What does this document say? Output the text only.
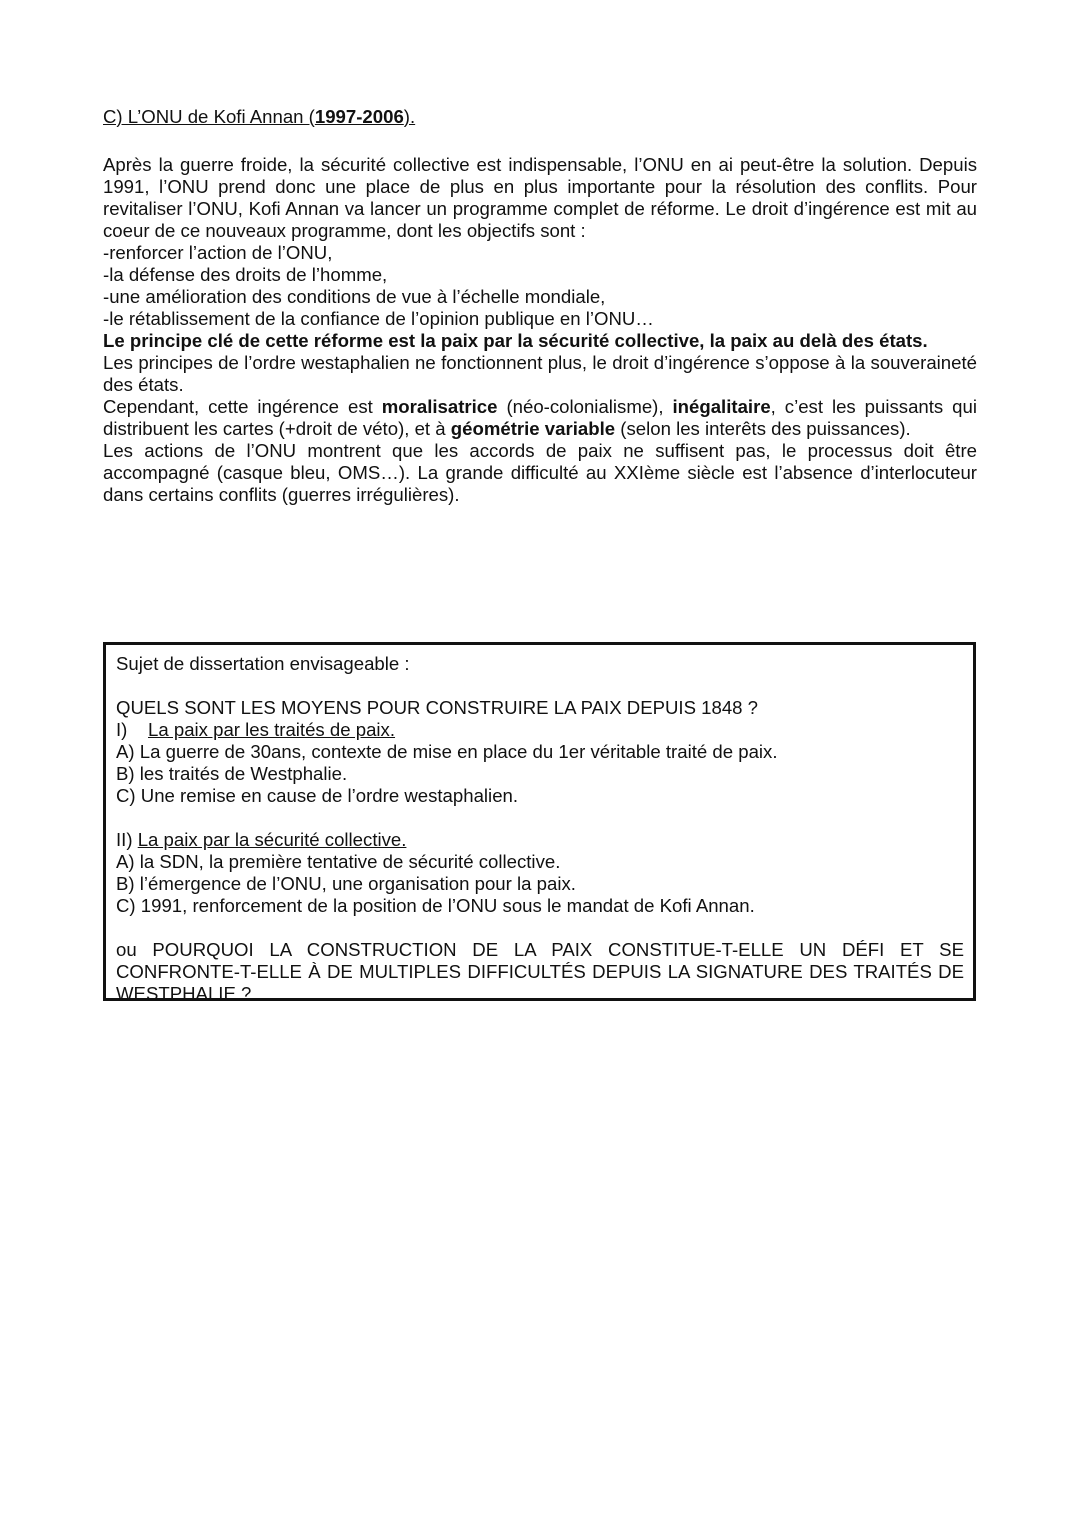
C) L’ONU de Kofi Annan (1997-2006).

Après la guerre froide, la sécurité collective est indispensable, l’ONU en ai peut-être la solution. Depuis 1991, l’ONU prend donc une place de plus en plus importante pour la résolution des conflits. Pour revitaliser l’ONU, Kofi Annan va lancer un programme complet de réforme. Le droit d’ingérence est mit au coeur de ce nouveaux programme, dont les objectifs sont :

-renforcer l’action de l’ONU,
-la défense des droits de l’homme,
-une amélioration des conditions de vue à l’échelle mondiale,
-le rétablissement de la confiance de l’opinion publique en l’ONU…

Le principe clé de cette réforme est la paix par la sécurité collective, la paix au delà des états.

Les principes de l’ordre westaphalien ne fonctionnent plus, le droit d’ingérence s’oppose à la souveraineté des états.

Cependant, cette ingérence est moralisatrice (néo-colonialisme), inégalitaire, c’est les puissants qui distribuent les cartes (+droit de véto), et à géométrie variable (selon les interêts des puissances).

Les actions de l’ONU montrent que les accords de paix ne suffisent pas, le processus doit être accompagné (casque bleu, OMS…). La grande difficulté au XXIème siècle est l’absence d’interlocuteur dans certains conflits (guerres irrégulières).

Sujet de dissertation envisageable :

QUELS SONT LES MOYENS POUR CONSTRUIRE LA PAIX DEPUIS 1848 ?

I) La paix par les traités de paix.

A) La guerre de 30ans, contexte de mise en place du 1er véritable traité de paix.
B) les traités de Westphalie.
C) Une remise en cause de l’ordre westaphalien.

II) La paix par la sécurité collective.

A) la SDN, la première tentative de sécurité collective.
B) l’émergence de l’ONU, une organisation pour la paix.
C) 1991, renforcement de la position de l’ONU sous le mandat de Kofi Annan.

ou POURQUOI LA CONSTRUCTION DE LA PAIX CONSTITUE-T-ELLE UN DÉFI ET SE CONFRONTE-T-ELLE À DE MULTIPLES DIFFICULTÉS DEPUIS LA SIGNATURE DES TRAITÉS DE WESTPHALIE ?
